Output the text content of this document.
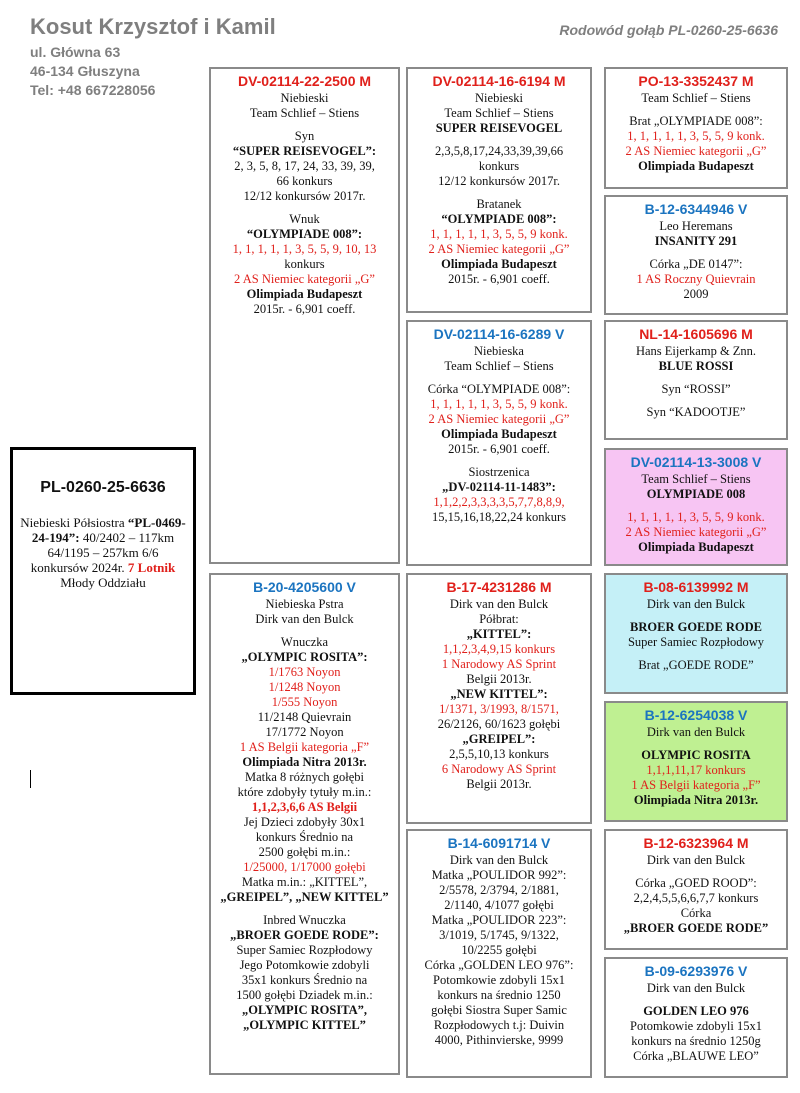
Kosut Krzysztof i Kamil
ul. Główna 63
46-134 Głuszyna
Tel: +48 667228056
Rodowód gołąb PL-0260-25-6636
PL-0260-25-6636
Niebieski Półsiostra “PL-0469-24-194”: 40/2402 – 117km 64/1195 – 257km 6/6 konkursów 2024r. 7 Lotnik Młody Oddziału
DV-02114-22-2500 M
Niebieski
Team Schlief – Stiens
Syn
“SUPER REISEVOGEL”:
2, 3, 5, 8, 17, 24, 33, 39, 39,
66 konkurs
12/12 konkursów 2017r.
Wnuk
“OLYMPIADE 008”:
1, 1, 1, 1, 1, 3, 5, 5, 9, 10, 13
konkurs
2 AS Niemiec kategorii „G”
Olimpiada Budapeszt
2015r. - 6,901 coeff.
B-20-4205600 V
Niebieska Pstra
Dirk van den Bulck
Wnuczka
„OLYMPIC ROSITA”:
1/1763 Noyon
1/1248 Noyon
1/555 Noyon
11/2148 Quievrain
17/1772 Noyon
1 AS Belgii kategoria „F”
Olimpiada Nitra 2013r.
Matka 8 różnych gołębi
które zdobyły tytuły m.in.:
1,1,2,3,6,6 AS Belgii
Jej Dzieci zdobyły 30x1
konkurs Średnio na
2500 gołębi m.in.:
1/25000, 1/17000 gołębi
Matka m.in.: „KITTEL”,
„GREIPEL”, „NEW KITTEL”
Inbred Wnuczka
„BROER GOEDE RODE”:
Super Samiec Rozpłodowy
Jego Potomkowie zdobyli
35x1 konkurs Średnio na
1500 gołębi Dziadek m.in.:
„OLYMPIC ROSITA”,
„OLYMPIC KITTEL”
DV-02114-16-6194 M
Niebieski
Team Schlief – Stiens
SUPER REISEVOGEL
2,3,5,8,17,24,33,39,39,66
konkurs
12/12 konkursów 2017r.
Bratanek
“OLYMPIADE 008”:
1, 1, 1, 1, 1, 3, 5, 5, 9 konk.
2 AS Niemiec kategorii „G”
Olimpiada Budapeszt
2015r. - 6,901 coeff.
DV-02114-16-6289 V
Niebieska
Team Schlief – Stiens
Córka “OLYMPIADE 008”:
1, 1, 1, 1, 1, 3, 5, 5, 9 konk.
2 AS Niemiec kategorii „G”
Olimpiada Budapeszt
2015r. - 6,901 coeff.
Siostrzenica
„DV-02114-11-1483”:
1,1,2,2,3,3,3,3,5,7,7,8,8,9,
15,15,16,18,22,24 konkurs
B-17-4231286 M
Dirk van den Bulck
Półbrat:
„KITTEL”:
1,1,2,3,4,9,15 konkurs
1 Narodowy AS Sprint
Belgii 2013r.
„NEW KITTEL”:
1/1371, 3/1993, 8/1571,
26/2126, 60/1623 gołębi
„GREIPEL”:
2,5,5,10,13 konkurs
6 Narodowy AS Sprint
Belgii 2013r.
B-14-6091714 V
Dirk van den Bulck
Matka „POULIDOR 992”:
2/5578, 2/3794, 2/1881,
2/1140, 4/1077 gołębi
Matka „POULIDOR 223”:
3/1019, 5/1745, 9/1322,
10/2255 gołębi
Córka „GOLDEN LEO 976”:
Potomkowie zdobyli 15x1
konkurs na średnio 1250
gołębi Siostra Super Samic
Rozpłodowych t.j: Duivin
4000, Pithinvierske, 9999
PO-13-3352437 M
Team Schlief – Stiens
Brat „OLYMPIADE 008”:
1, 1, 1, 1, 1, 3, 5, 5, 9 konk.
2 AS Niemiec kategorii „G”
Olimpiada Budapeszt
B-12-6344946 V
Leo Heremans
INSANITY 291
Córka „DE 0147”:
1 AS Roczny Quievrain
2009
NL-14-1605696 M
Hans Eijerkamp & Znn.
BLUE ROSSI
Syn “ROSSI”
Syn “KADOOTJE”
DV-02114-13-3008 V
Team Schlief – Stiens
OLYMPIADE 008
1, 1, 1, 1, 1, 3, 5, 5, 9 konk.
2 AS Niemiec kategorii „G”
Olimpiada Budapeszt
B-08-6139992 M
Dirk van den Bulck
BROER GOEDE RODE
Super Samiec Rozpłodowy
Brat „GOEDE RODE”
B-12-6254038 V
Dirk van den Bulck
OLYMPIC ROSITA
1,1,1,11,17 konkurs
1 AS Belgii kategoria „F”
Olimpiada Nitra 2013r.
B-12-6323964 M
Dirk van den Bulck
Córka „GOED ROOD”:
2,2,4,5,5,6,6,7,7 konkurs
Córka
„BROER GOEDE RODE”
B-09-6293976 V
Dirk van den Bulck
GOLDEN LEO 976
Potomkowie zdobyli 15x1
konkurs na średnio 1250g
Córka „BLAUWE LEO”
